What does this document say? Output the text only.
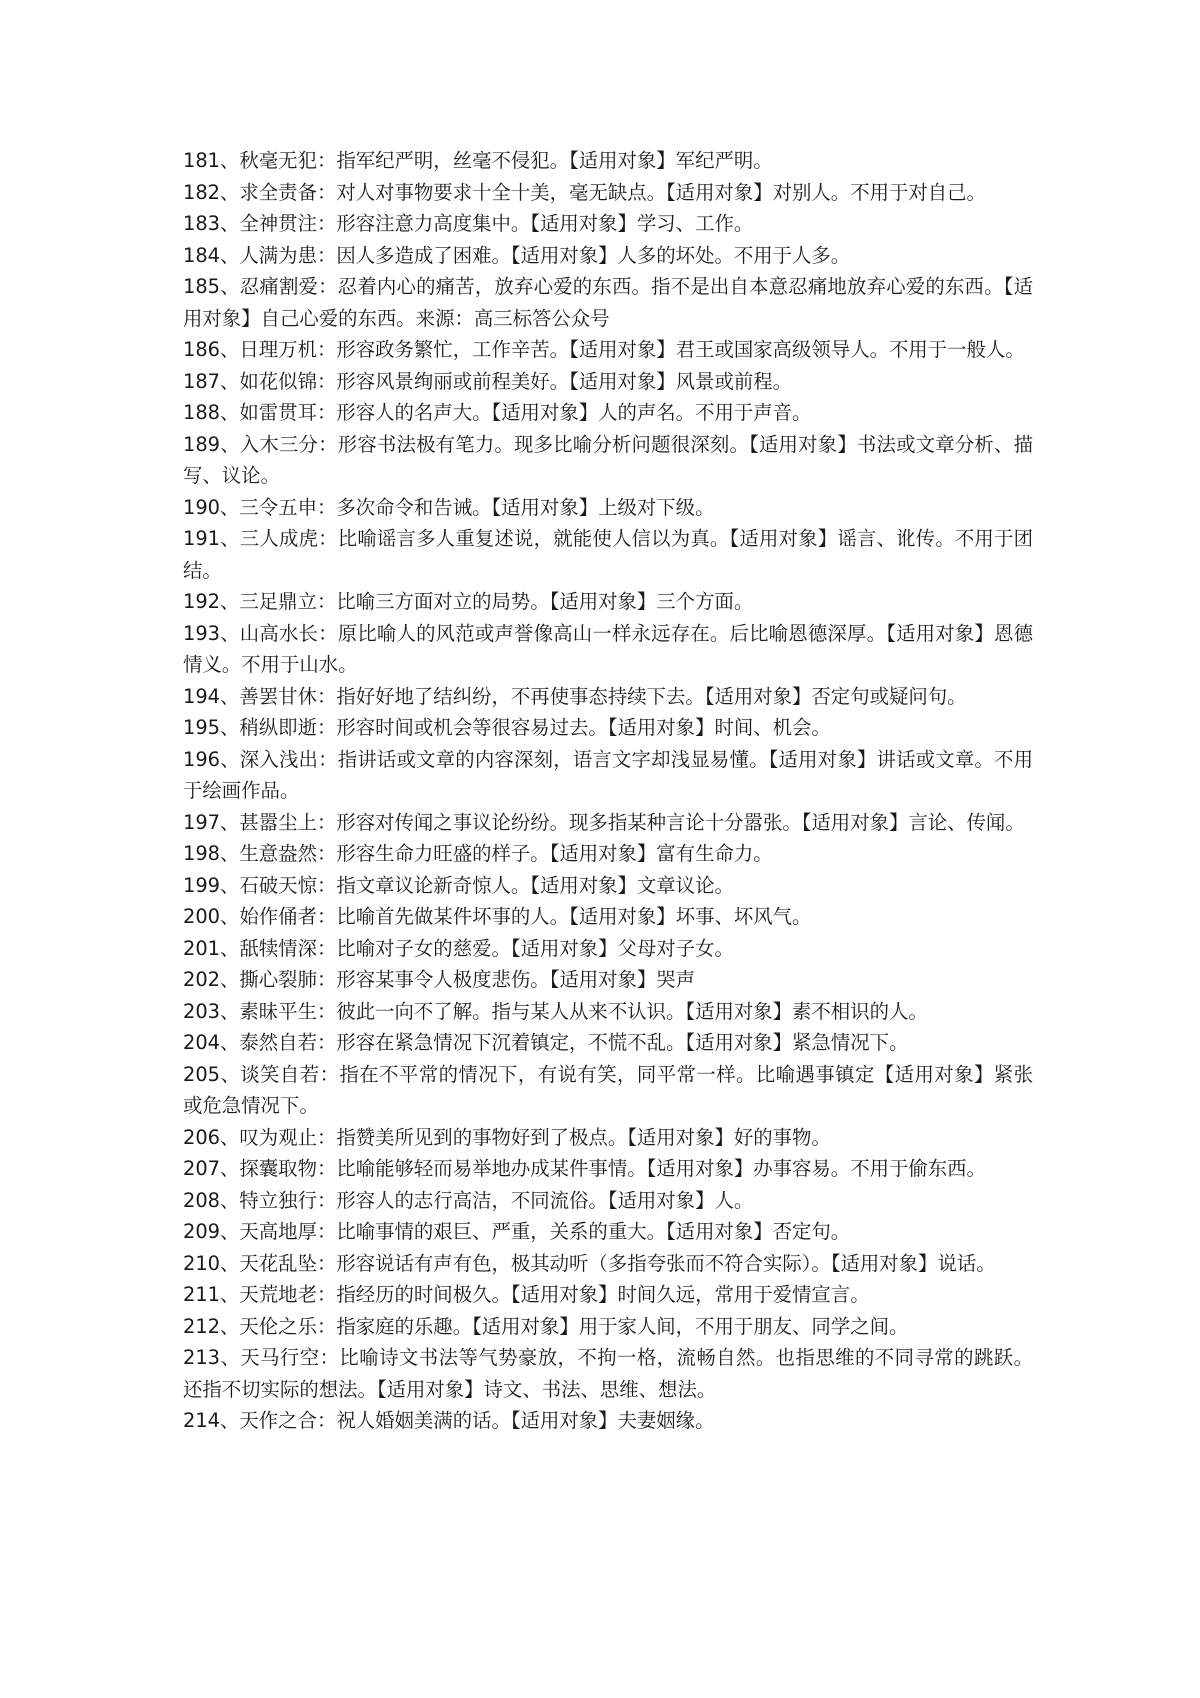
181、秋毫无犯：指军纪严明，丝毫不侵犯。【适用对象】军纪严明。

182、求全责备：对人对事物要求十全十美，毫无缺点。【适用对象】对别人。不用于对自己。

183、全神贯注：形容注意力高度集中。【适用对象】学习、工作。

184、人满为患：因人多造成了困难。【适用对象】人多的坏处。不用于人多。

185、忍痛割爱：忍着内心的痛苦，放弃心爱的东西。指不是出自本意忍痛地放弃心爱的东西。【适用对象】自己心爱的东西。来源：高三标答公众号

186、日理万机：形容政务繁忙，工作辛苦。【适用对象】君王或国家高级领导人。不用于一般人。

187、如花似锦：形容风景绚丽或前程美好。【适用对象】风景或前程。

188、如雷贯耳：形容人的名声大。【适用对象】人的声名。不用于声音。

189、入木三分：形容书法极有笔力。现多比喻分析问题很深刻。【适用对象】书法或文章分析、描写、议论。

190、三令五申：多次命令和告诫。【适用对象】上级对下级。

191、三人成虎：比喻谣言多人重复述说，就能使人信以为真。【适用对象】谣言、讹传。不用于团结。

192、三足鼎立：比喻三方面对立的局势。【适用对象】三个方面。

193、山高水长：原比喻人的风范或声誉像高山一样永远存在。后比喻恩德深厚。【适用对象】恩德情义。不用于山水。

194、善罢甘休：指好好地了结纠纷，不再使事态持续下去。【适用对象】否定句或疑问句。

195、稍纵即逝：形容时间或机会等很容易过去。【适用对象】时间、机会。

196、深入浅出：指讲话或文章的内容深刻，语言文字却浅显易懂。【适用对象】讲话或文章。不用于绘画作品。

197、甚嚣尘上：形容对传闻之事议论纷纷。现多指某种言论十分嚣张。【适用对象】言论、传闻。

198、生意盎然：形容生命力旺盛的样子。【适用对象】富有生命力。

199、石破天惊：指文章议论新奇惊人。【适用对象】文章议论。

200、始作俑者：比喻首先做某件坏事的人。【适用对象】坏事、坏风气。

201、舐犊情深：比喻对子女的慈爱。【适用对象】父母对子女。

202、撕心裂肺：形容某事令人极度悲伤。【适用对象】哭声

203、素昧平生：彼此一向不了解。指与某人从来不认识。【适用对象】素不相识的人。

204、泰然自若：形容在紧急情况下沉着镇定，不慌不乱。【适用对象】紧急情况下。

205、谈笑自若：指在不平常的情况下，有说有笑，同平常一样。比喻遇事镇定【适用对象】紧张或危急情况下。

206、叹为观止：指赞美所见到的事物好到了极点。【适用对象】好的事物。

207、探囊取物：比喻能够轻而易举地办成某件事情。【适用对象】办事容易。不用于偷东西。

208、特立独行：形容人的志行高洁，不同流俗。【适用对象】人。

209、天高地厚：比喻事情的艰巨、严重，关系的重大。【适用对象】否定句。

210、天花乱坠：形容说话有声有色，极其动听（多指夸张而不符合实际）。【适用对象】说话。

211、天荒地老：指经历的时间极久。【适用对象】时间久远，常用于爱情宣言。

212、天伦之乐：指家庭的乐趣。【适用对象】用于家人间，不用于朋友、同学之间。

213、天马行空：比喻诗文书法等气势豪放，不拘一格，流畅自然。也指思维的不同寻常的跳跃。还指不切实际的想法。【适用对象】诗文、书法、思维、想法。

214、天作之合：祝人婚姻美满的话。【适用对象】夫妻姻缘。
